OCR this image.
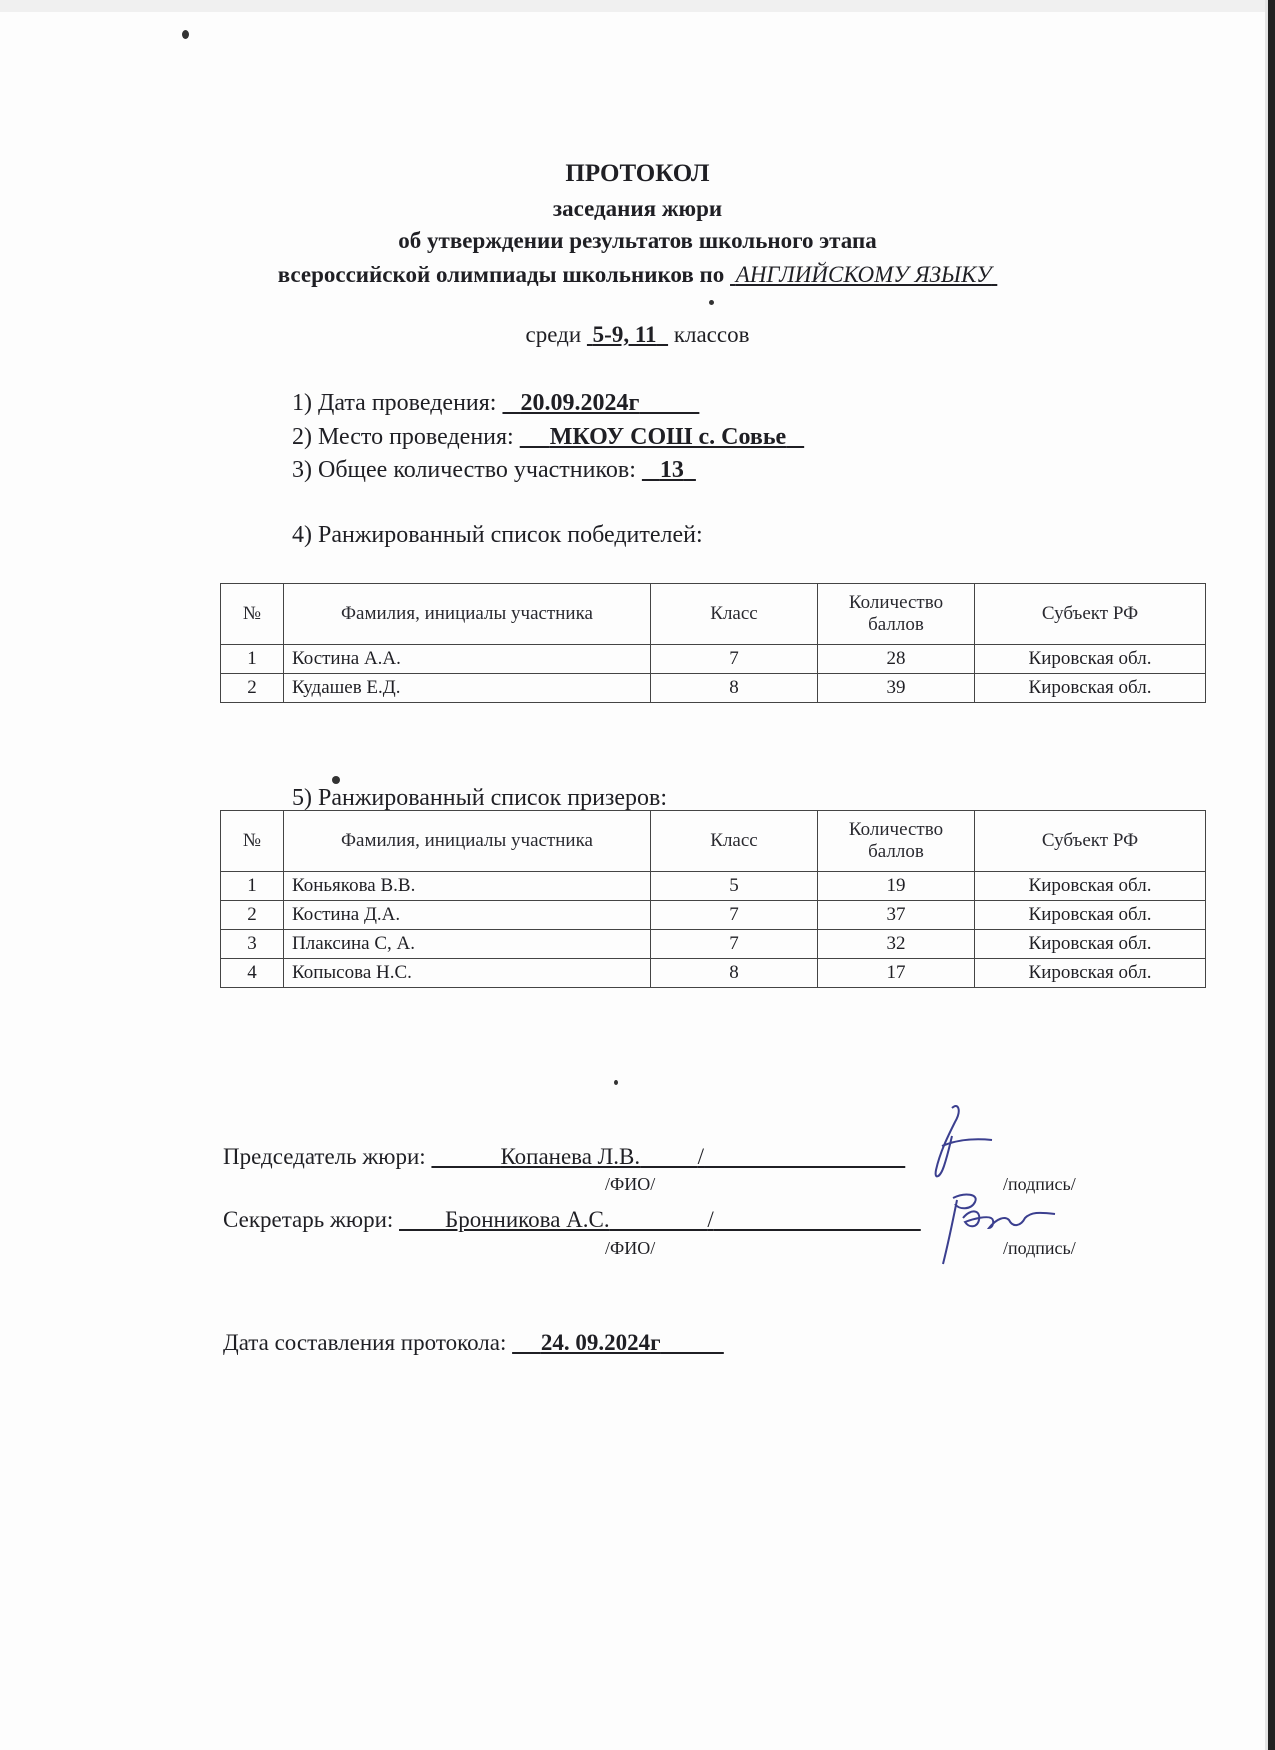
ПРОТОКОЛ
заседания жюри
об утверждении результатов школьного этапа
всероссийской олимпиады школьников по АНГЛИЙСКОМУ ЯЗЫКУ
среди 5-9, 11 классов
1) Дата проведения: 20.09.2024г
2) Место проведения: МКОУ СОШ с. Совье
3) Общее количество участников: 13
4) Ранжированный список победителей:
№	Фамилия, инициалы участника	Класс	Количество баллов	Субъект РФ
1	Костина А.А.	7	28	Кировская обл.
2	Кудашев Е.Д.	8	39	Кировская обл.
5) Ранжированный список призеров:
№	Фамилия, инициалы участника	Класс	Количество баллов	Субъект РФ
1	Коньякова В.В.	5	19	Кировская обл.
2	Костина Д.А.	7	37	Кировская обл.
3	Плаксина С, А.	7	32	Кировская обл.
4	Копысова Н.С.	8	17	Кировская обл.
Председатель жюри:	Копанева Л.В.	/
/ФИО/	/подпись/
Секретарь жюри: Бронникова А.С.	/
/ФИО/	/подпись/
Дата составления протокола: 24. 09.2024г
